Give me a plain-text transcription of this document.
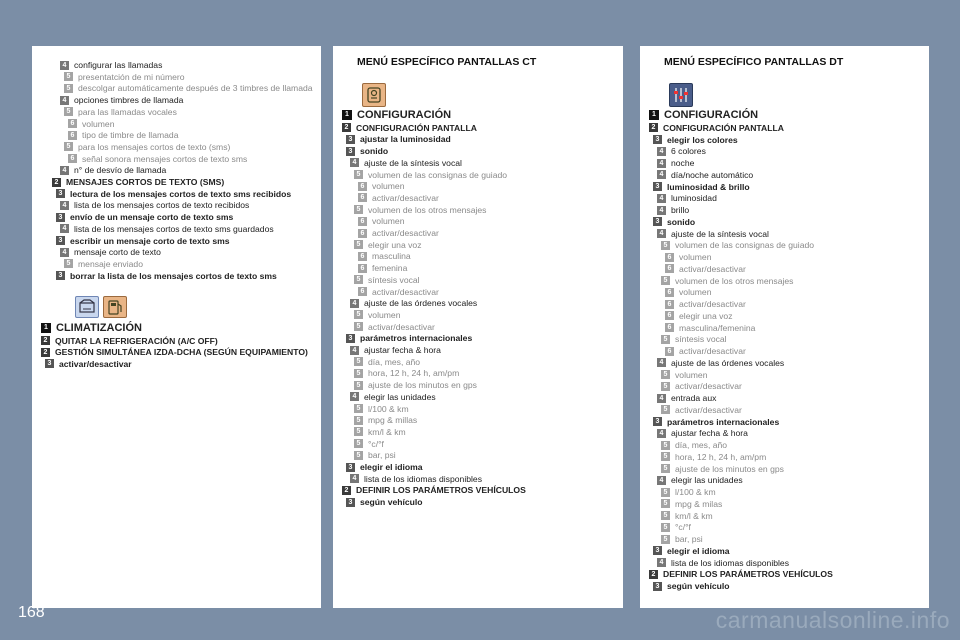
4 configurar las llamadas
5 presentatción de mi número
5 descolgar automáticamente después de 3 timbres de llamada
4 opciones timbres de llamada
5 para las llamadas vocales
6 volumen
6 tipo de timbre de llamada
5 para los mensajes cortos de texto (sms)
6 señal sonora mensajes cortos de texto sms
4 n° de desvío de llamada
2 MENSAJES CORTOS DE TEXTO (SMS)
3 lectura de los mensajes cortos de texto sms recibidos
4 lista de los mensajes cortos de texto recibidos
3 envío de un mensaje corto de texto sms
4 lista de los mensajes cortos de texto sms guardados
3 escribir un mensaje corto de texto sms
4 mensaje corto de texto
5 mensaje enviado
3 borrar la lista de los mensajes cortos de texto sms
1 CLIMATIZACIÓN
2 QUITAR LA REFRIGERACIÓN (A/C OFF)
2 GESTIÓN SIMULTÁNEA IZDA-DCHA (SEGÚN EQUIPAMIENTO)
3 activar/desactivar
MENÚ ESPECÍFICO PANTALLAS CT
1 CONFIGURACIÓN
2 CONFIGURACIÓN PANTALLA
3 ajustar la luminosidad
3 sonido
4 ajuste de la síntesis vocal
5 volumen de las consignas de guiado
6 volumen
6 activar/desactivar
5 volumen de los otros mensajes
6 volumen
6 activar/desactivar
5 elegir una voz
6 masculina
6 femenina
5 síntesis vocal
6 activar/desactivar
4 ajuste de las órdenes vocales
5 volumen
5 activar/desactivar
3 parámetros internacionales
4 ajustar fecha & hora
5 día, mes, año
5 hora, 12 h, 24 h, am/pm
5 ajuste de los minutos en gps
4 elegir las unidades
5 l/100 & km
5 mpg & millas
5 km/l & km
5 °c/°f
5 bar, psi
3 elegir el idioma
4 lista de los idiomas disponibles
2 DEFINIR LOS PARÁMETROS VEHÍCULOS
3 según vehículo
MENÚ ESPECÍFICO PANTALLAS DT
1 CONFIGURACIÓN
2 CONFIGURACIÓN PANTALLA
3 elegir los colores
4 6 colores
4 noche
4 día/noche automático
3 luminosidad & brillo
4 luminosidad
4 brillo
3 sonido
4 ajuste de la síntesis vocal
5 volumen de las consignas de guiado
6 volumen
6 activar/desactivar
5 volumen de los otros mensajes
6 volumen
6 activar/desactivar
6 elegir una voz
6 masculina/femenina
5 síntesis vocal
6 activar/desactivar
4 ajuste de las órdenes vocales
5 volumen
5 activar/desactivar
4 entrada aux
5 activar/desactivar
3 parámetros internacionales
4 ajustar fecha & hora
5 día, mes, año
5 hora, 12 h, 24 h, am/pm
5 ajuste de los minutos en gps
4 elegir las unidades
5 l/100 & km
5 mpg & milas
5 km/l & km
5 °c/°f
5 bar, psi
3 elegir el idioma
4 lista de los idiomas disponibles
2 DEFINIR LOS PARÁMETROS VEHÍCULOS
3 según vehículo
168	carmanualsonline.info
